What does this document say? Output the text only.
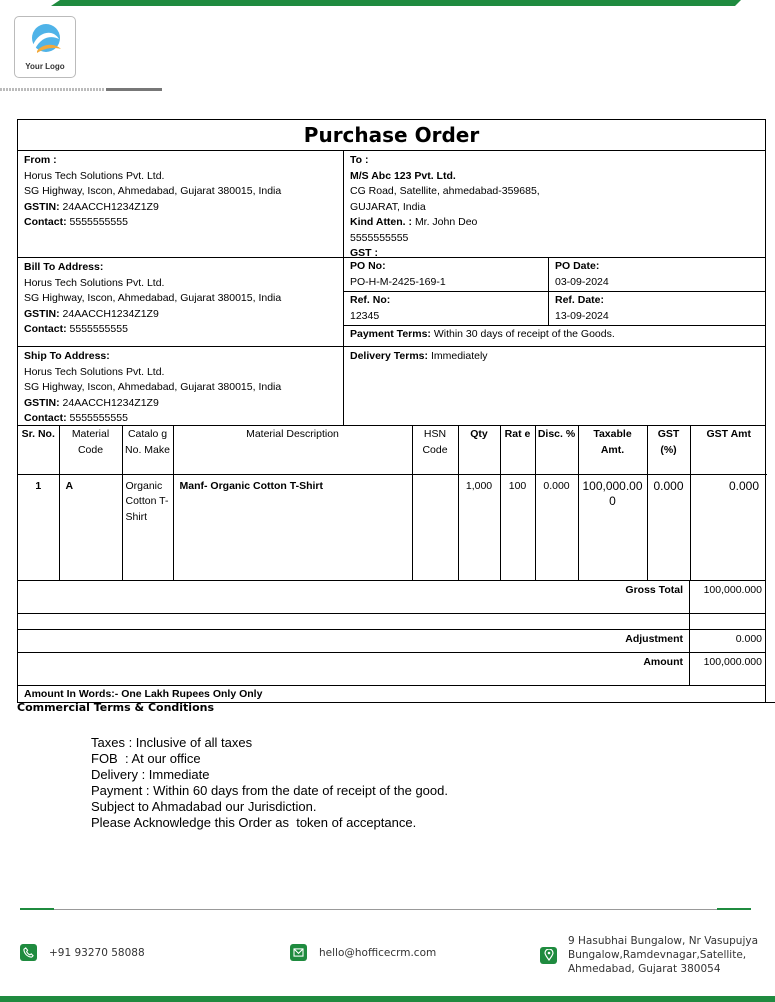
Your Logo
Purchase Order
From :
Horus Tech Solutions Pvt. Ltd.
SG Highway, Iscon, Ahmedabad, Gujarat 380015, India
GSTIN: 24AACCH1234Z1Z9
Contact: 5555555555
To :
M/S Abc 123 Pvt. Ltd.
CG Road, Satellite, ahmedabad-359685,
GUJARAT, India
Kind Atten. : Mr. John Deo
5555555555
GST :
Bill To Address:
Horus Tech Solutions Pvt. Ltd.
SG Highway, Iscon, Ahmedabad, Gujarat 380015, India
GSTIN: 24AACCH1234Z1Z9
Contact: 5555555555
PO No:
PO-H-M-2425-169-1
PO Date:
03-09-2024
Ref. No:
12345
Ref. Date:
13-09-2024
Payment Terms: Within 30 days of receipt of the Goods.
Ship To Address:
Horus Tech Solutions Pvt. Ltd.
SG Highway, Iscon, Ahmedabad, Gujarat 380015, India
GSTIN: 24AACCH1234Z1Z9
Contact: 5555555555
Delivery Terms: Immediately
Sr. No.	Material Code	Catalo g No. Make	Material Description	HSN Code	Qty	Rat e	Disc. %	Taxable Amt.	GST (%)	GST Amt
1	A	Organic Cotton T-Shirt	Manf- Organic Cotton T-Shirt		1,000	100	0.000	100,000.000	0.000	0.000
Gross Total	100,000.000
Adjustment	0.000
Amount	100,000.000
Amount In Words:- One Lakh Rupees Only Only
Commercial Terms & Conditions
Taxes : Inclusive of all taxes
FOB  : At our office
Delivery : Immediate
Payment : Within 60 days from the date of receipt of the good.
Subject to Ahmadabad our Jurisdiction.
Please Acknowledge this Order as  token of acceptance.
+91 93270 58088	hello@hofficecrm.com
9 Hasubhai Bungalow, Nr Vasupujya
Bungalow,Ramdevnagar,Satellite,
Ahmedabad, Gujarat 380054
